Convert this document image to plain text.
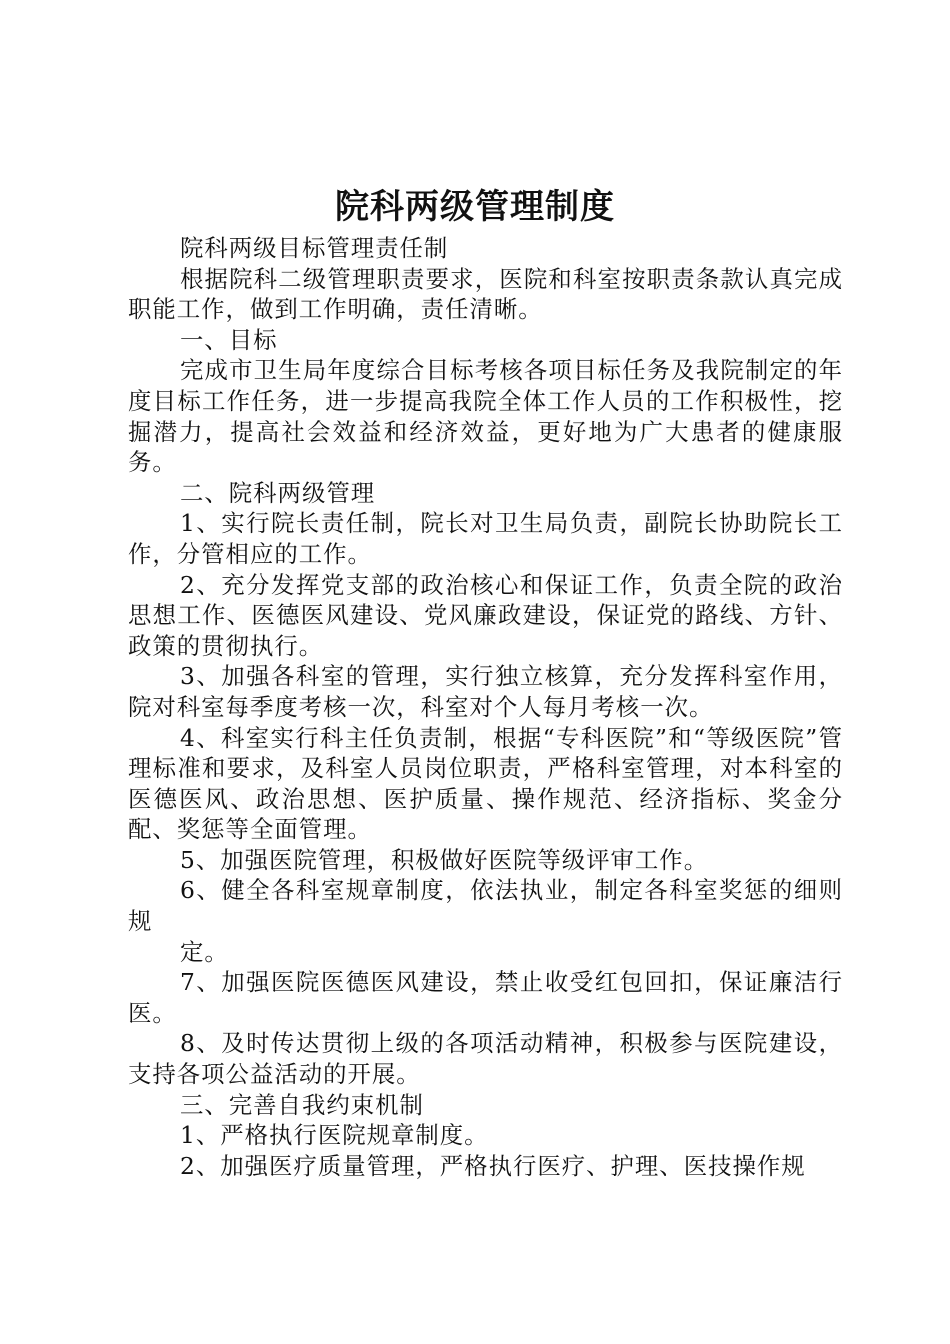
院科两级管理制度

院科两级目标管理责任制

根据院科二级管理职责要求，医院和科室按职责条款认真完成职能工作，做到工作明确，责任清晰。

一、目标

完成市卫生局年度综合目标考核各项目标任务及我院制定的年度目标工作任务，进一步提高我院全体工作人员的工作积极性，挖掘潜力，提高社会效益和经济效益，更好地为广大患者的健康服务。

二、院科两级管理

1、实行院长责任制，院长对卫生局负责，副院长协助院长工作，分管相应的工作。

2、充分发挥党支部的政治核心和保证工作，负责全院的政治思想工作、医德医风建设、党风廉政建设，保证党的路线、方针、政策的贯彻执行。

3、加强各科室的管理，实行独立核算，充分发挥科室作用，院对科室每季度考核一次，科室对个人每月考核一次。

4、科室实行科主任负责制，根据“专科医院”和“等级医院”管理标准和要求，及科室人员岗位职责，严格科室管理，对本科室的医德医风、政治思想、医护质量、操作规范、经济指标、奖金分配、奖惩等全面管理。

5、加强医院管理，积极做好医院等级评审工作。

6、健全各科室规章制度，依法执业，制定各科室奖惩的细则规

定。

7、加强医院医德医风建设，禁止收受红包回扣，保证廉洁行医。

8、及时传达贯彻上级的各项活动精神，积极参与医院建设，支持各项公益活动的开展。

三、完善自我约束机制

1、严格执行医院规章制度。

2、加强医疗质量管理，严格执行医疗、护理、医技操作规
